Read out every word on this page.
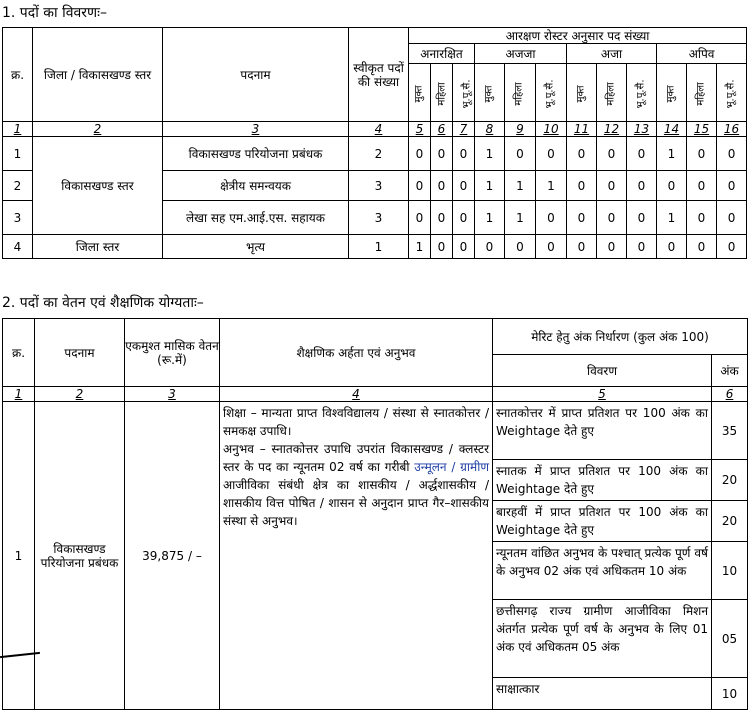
1. पदों का विवरणः–
क्र.	जिला / विकासखण्ड स्तर	पदनाम	स्वीकृत पदों की संख्या	आरक्षण रोस्टर अनुसार पद संख्या											
				अनारक्षित			अजजा			अजा			अपिव		
				मुक्त	महिला	भू.पू.सै.	मुक्त	महिला	भू.पू.सै.	मुक्त	महिला	भू.पू.सै.	मुक्त	महिला	भू.पू.सै.
1	2	3	4	5	6	7	8	9	10	11	12	13	14	15	16
1	विकासखण्ड स्तर	विकासखण्ड परियोजना प्रबंधक	2	0	0	0	1	0	0	0	0	0	1	0	0
2		क्षेत्रीय समन्वयक	3	0	0	0	1	1	1	0	0	0	0	0	0
3		लेखा सह एम.आई.एस. सहायक	3	0	0	0	1	1	0	0	0	0	1	0	0
4	जिला स्तर	भृत्य	1	1	0	0	0	0	0	0	0	0	0	0	0
2. पदों का वेतन एवं शैक्षणिक योग्यताः–
क्र.	पदनाम	एकमुश्त मासिक वेतन (रू.में)	शैक्षणिक अर्हता एवं अनुभव	मेरिट हेतु अंक निर्धारण (कुल अंक 100)	
				विवरण	अंक
1	2	3	4	5	6
1	विकासखण्ड परियोजना प्रबंधक	39,875 / –	शिक्षा – मान्यता प्राप्त विश्वविद्यालय / संस्था से स्नातकोत्तर / समकक्ष उपाधि।

अनुभव – स्नातकोत्तर उपाधि उपरांत विकासखण्ड / क्लस्टर स्तर के पद का न्यूनतम 02 वर्ष का गरीबी उन्मूलन / ग्रामीण आजीविका संबंधी क्षेत्र का शासकीय / अर्द्धशासकीय / शासकीय वित्त पोषित / शासन से अनुदान प्राप्त गैर–शासकीय संस्था से अनुभव।	स्नातकोत्तर में प्राप्त प्रतिशत पर 100 अंक का Weightage देते हुए	35
				स्नातक में प्राप्त प्रतिशत पर 100 अंक का Weightage देते हुए	20
				बारहवीं में प्राप्त प्रतिशत पर 100 अंक का Weightage देते हुए	20
				न्यूनतम वांछित अनुभव के पश्चात् प्रत्येक पूर्ण वर्ष के अनुभव 02 अंक एवं अधिकतम 10 अंक	10
				छत्तीसगढ़ राज्य ग्रामीण आजीविका मिशन अंतर्गत प्रत्येक पूर्ण वर्ष के अनुभव के लिए 01 अंक एवं अधिकतम 05 अंक	05
				साक्षात्कार	10
